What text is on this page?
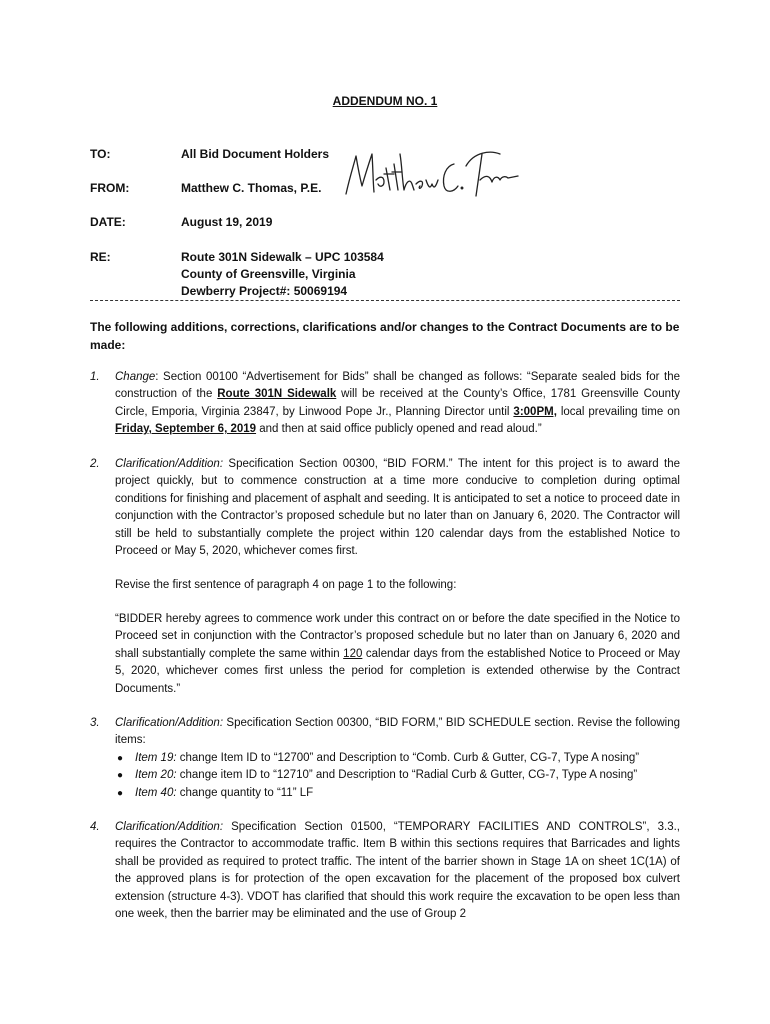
ADDENDUM NO. 1
TO:	All Bid Document Holders
FROM:	Matthew C. Thomas, P.E.
DATE:	August 19, 2019
RE:	Route 301N Sidewalk – UPC 103584
County of Greensville, Virginia
Dewberry Project#: 50069194
The following additions, corrections, clarifications and/or changes to the Contract Documents are to be made:
1. Change: Section 00100 “Advertisement for Bids” shall be changed as follows: “Separate sealed bids for the construction of the Route 301N Sidewalk will be received at the County’s Office, 1781 Greensville County Circle, Emporia, Virginia 23847, by Linwood Pope Jr., Planning Director until 3:00PM, local prevailing time on Friday, September 6, 2019 and then at said office publicly opened and read aloud.”
2. Clarification/Addition: Specification Section 00300, “BID FORM.” The intent for this project is to award the project quickly, but to commence construction at a time more conducive to completion during optimal conditions for finishing and placement of asphalt and seeding. It is anticipated to set a notice to proceed date in conjunction with the Contractor’s proposed schedule but no later than on January 6, 2020. The Contractor will still be held to substantially complete the project within 120 calendar days from the established Notice to Proceed or May 5, 2020, whichever comes first.
Revise the first sentence of paragraph 4 on page 1 to the following:
“BIDDER hereby agrees to commence work under this contract on or before the date specified in the Notice to Proceed set in conjunction with the Contractor’s proposed schedule but no later than on January 6, 2020 and shall substantially complete the same within 120 calendar days from the established Notice to Proceed or May 5, 2020, whichever comes first unless the period for completion is extended otherwise by the Contract Documents.”
3. Clarification/Addition: Specification Section 00300, “BID FORM,” BID SCHEDULE section. Revise the following items:
● Item 19: change Item ID to “12700” and Description to “Comb. Curb & Gutter, CG-7, Type A nosing”
● Item 20: change item ID to “12710” and Description to “Radial Curb & Gutter, CG-7, Type A nosing”
● Item 40: change quantity to “11” LF
4. Clarification/Addition: Specification Section 01500, “TEMPORARY FACILITIES AND CONTROLS”, 3.3., requires the Contractor to accommodate traffic. Item B within this sections requires that Barricades and lights shall be provided as required to protect traffic. The intent of the barrier shown in Stage 1A on sheet 1C(1A) of the approved plans is for protection of the open excavation for the placement of the proposed box culvert extension (structure 4-3). VDOT has clarified that should this work require the excavation to be open less than one week, then the barrier may be eliminated and the use of Group 2
